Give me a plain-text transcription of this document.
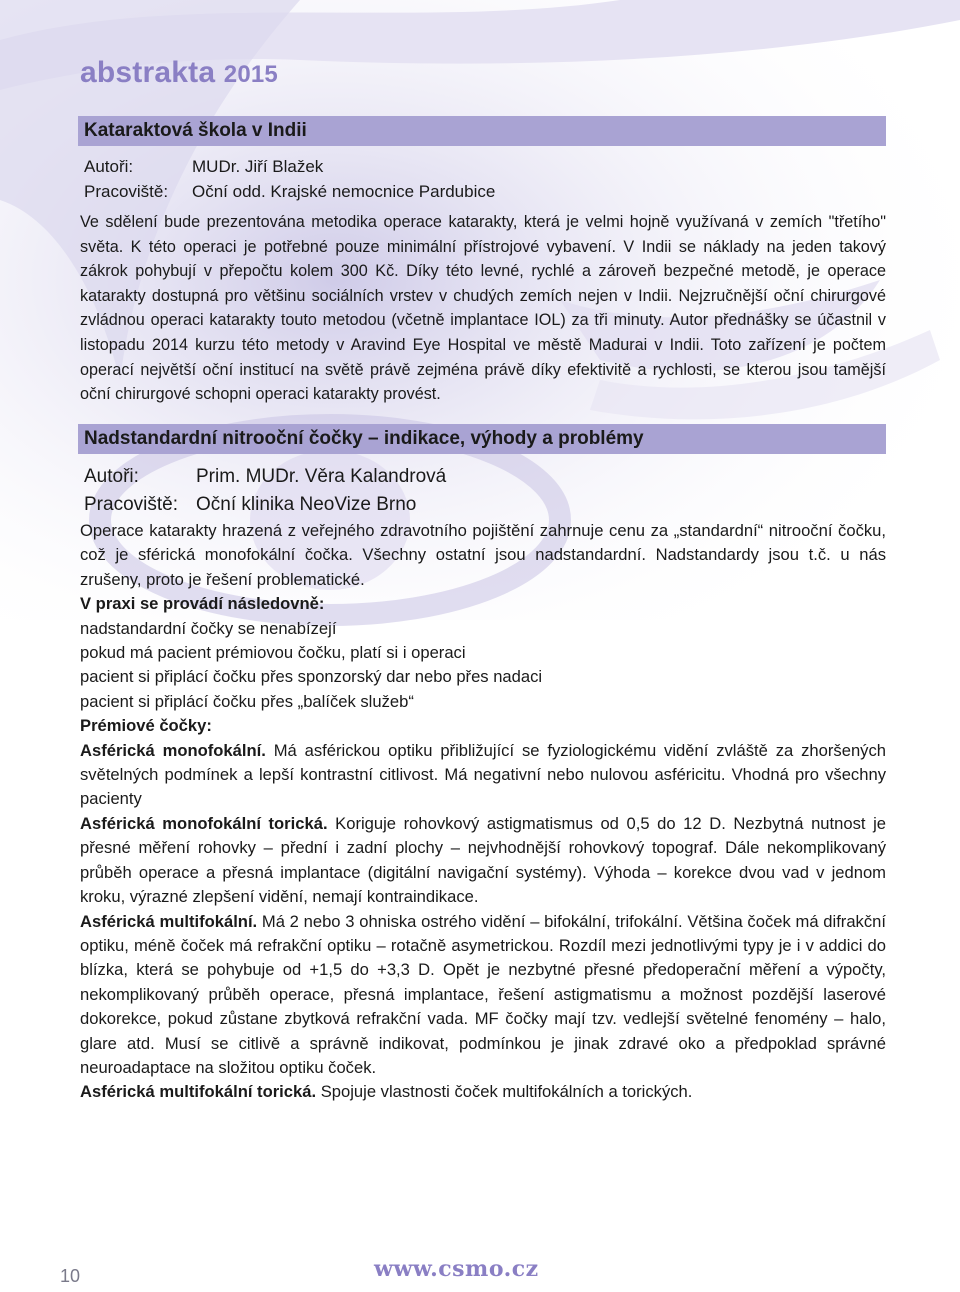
abstrakta 2015
Kataraktová škola v Indii
Autoři:	MUDr. Jiří Blažek
Pracoviště: Oční odd. Krajské nemocnice Pardubice

Ve sdělení bude prezentována metodika operace katarakty, která je velmi hojně využívaná v zemích "třetího" světa. K této operaci je potřebné pouze minimální přístrojové vybavení. V Indii se náklady na jeden takový zákrok pohybují v přepočtu kolem 300 Kč. Díky této levné, rychlé a zároveň bezpečné metodě, je operace katarakty dostupná pro většinu sociálních vrstev v chudých zemích nejen v Indii. Nejzručnější oční chirurgové zvládnou operaci katarakty touto metodou (včetně implantace IOL) za tři minuty. Autor přednášky se účastnil v listopadu 2014 kurzu této metody v Aravind Eye Hospital ve městě Madurai v Indii. Toto zařízení je počtem operací největší oční institucí na světě právě zejména právě díky efektivitě a rychlosti, se kterou jsou tamější oční chirurgové schopni operaci katarakty provést.

Nadstandardní nitrooční čočky – indikace, výhody a problémy
Autoři:	Prim. MUDr. Věra Kalandrová
Pracoviště: Oční klinika NeoVize Brno

Operace katarakty hrazená z veřejného zdravotního pojištění zahrnuje cenu za „standardní“ nitrooční čočku, což je sférická monofokální čočka. Všechny ostatní jsou nadstandardní. Nadstandardy jsou t.č. u nás zrušeny, proto je řešení problematické.

V praxi se provádí následovně:

nadstandardní čočky se nenabízejí

pokud má pacient prémiovou čočku, platí si i operaci

pacient si připlácí čočku přes sponzorský dar nebo přes nadaci

pacient si připlácí čočku přes „balíček služeb“

Prémiové čočky:

Asférická monofokální. Má asférickou optiku přibližující se fyziologickému vidění zvláště za zhoršených světelných podmínek a lepší kontrastní citlivost. Má negativní nebo nulovou asféricitu. Vhodná pro všechny pacienty

Asférická monofokální torická. Koriguje rohovkový astigmatismus od 0,5 do 12 D. Nezbytná nutnost je přesné měření rohovky – přední i zadní plochy – nejvhodnější rohovkový topograf. Dále nekomplikovaný průběh operace a přesná implantace (digitální navigační systémy). Výhoda – korekce dvou vad v jednom kroku, výrazné zlepšení vidění, nemají kontraindikace.

Asférická multifokální. Má 2 nebo 3 ohniska ostrého vidění – bifokální, trifokální. Většina čoček má difrakční optiku, méně čoček má refrakční optiku – rotačně asymetrickou. Rozdíl mezi jednotlivými typy je i v addici do blízka, která se pohybuje od +1,5 do +3,3 D. Opět je nezbytné přesné předoperační měření a výpočty, nekomplikovaný průběh operace, přesná implantace, řešení astigmatismu a možnost pozdější laserové dokorekce, pokud zůstane zbytková refrakční vada. MF čočky mají tzv. vedlejší světelné fenomény – halo, glare atd. Musí se citlivě a správně indikovat, podmínkou je jinak zdravé oko a předpoklad správné neuroadaptace na složitou optiku čoček.

Asférická multifokální torická. Spojuje vlastnosti čoček multifokálních a torických.

10	www.csmo.cz
